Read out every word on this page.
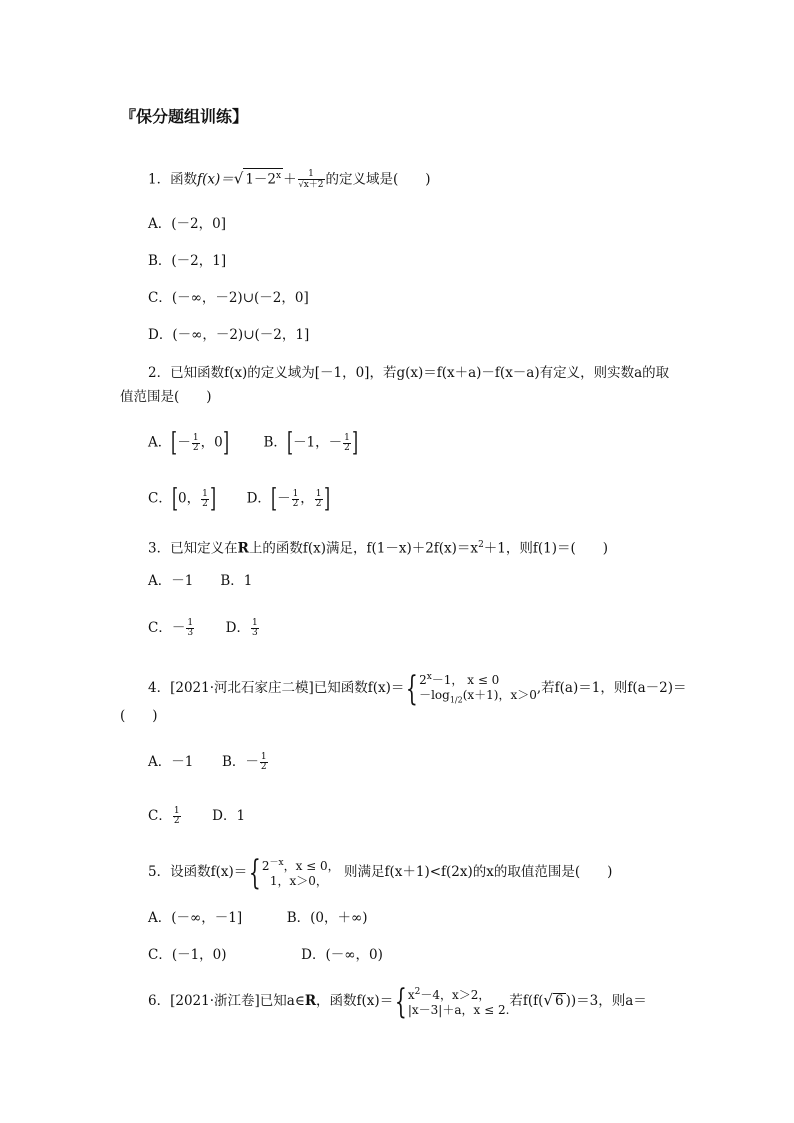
『保分题组训练】
1．函数f(x)＝√ $1-2^x + \frac{1}{√x+2}$ 的定义域是(　　)
A．(－2，0]
B．(－2，1]
C．(－∞，－2)∪(－2，0]
D．(－∞，－2)∪(－2，1]
2．已知函数f(x)的定义域为[－1，0]，若g(x)＝f(x＋a)－f(x－a)有定义，则实数a的取
值范围是(　　)
A．[－ $\frac{1}{2}$ ，0]	B．[－1，－ $\frac{1}{2}$ ]
C．[0， $\frac{1}{2}$ ] D．[－ $\frac{1}{2}$ ， $\frac{1}{2}$ ]
3．已知定义在R上的函数f(x)满足，$f(1-x)+2f(x)=x^2+1$，则f(1)＝(　　)
A．－1　　B．1
C．－ $\frac{1}{3}$ D． $\frac{1}{3}$
4．[2021·河北石家庄二模]已知函数f(x)＝{ $2^x-1$， x ≤ 0
$-\log_{1/2}(x+1)$，x＞0 ,若f(a)＝1，则f(a－2)＝
(　　)
A．－1 B．－ $\frac{1}{2}$
C． $\frac{1}{2}$ D．1
5．设函数f(x)＝{ $2^{-x}$，x ≤ 0，
1，x＞0，
则满足f(x＋1)<f(2x)的x的取值范围是(　　)
A．(－∞，－1]	B．(0，＋∞)
C．(－1，0)	D．(－∞，0)
6．[2021·浙江卷]已知a∈R，函数f(x)＝{ $x^2-4$，x＞2，
|x－3|＋a，x ≤ 2.
若f(f(√ 6 ))＝3，则a＝
